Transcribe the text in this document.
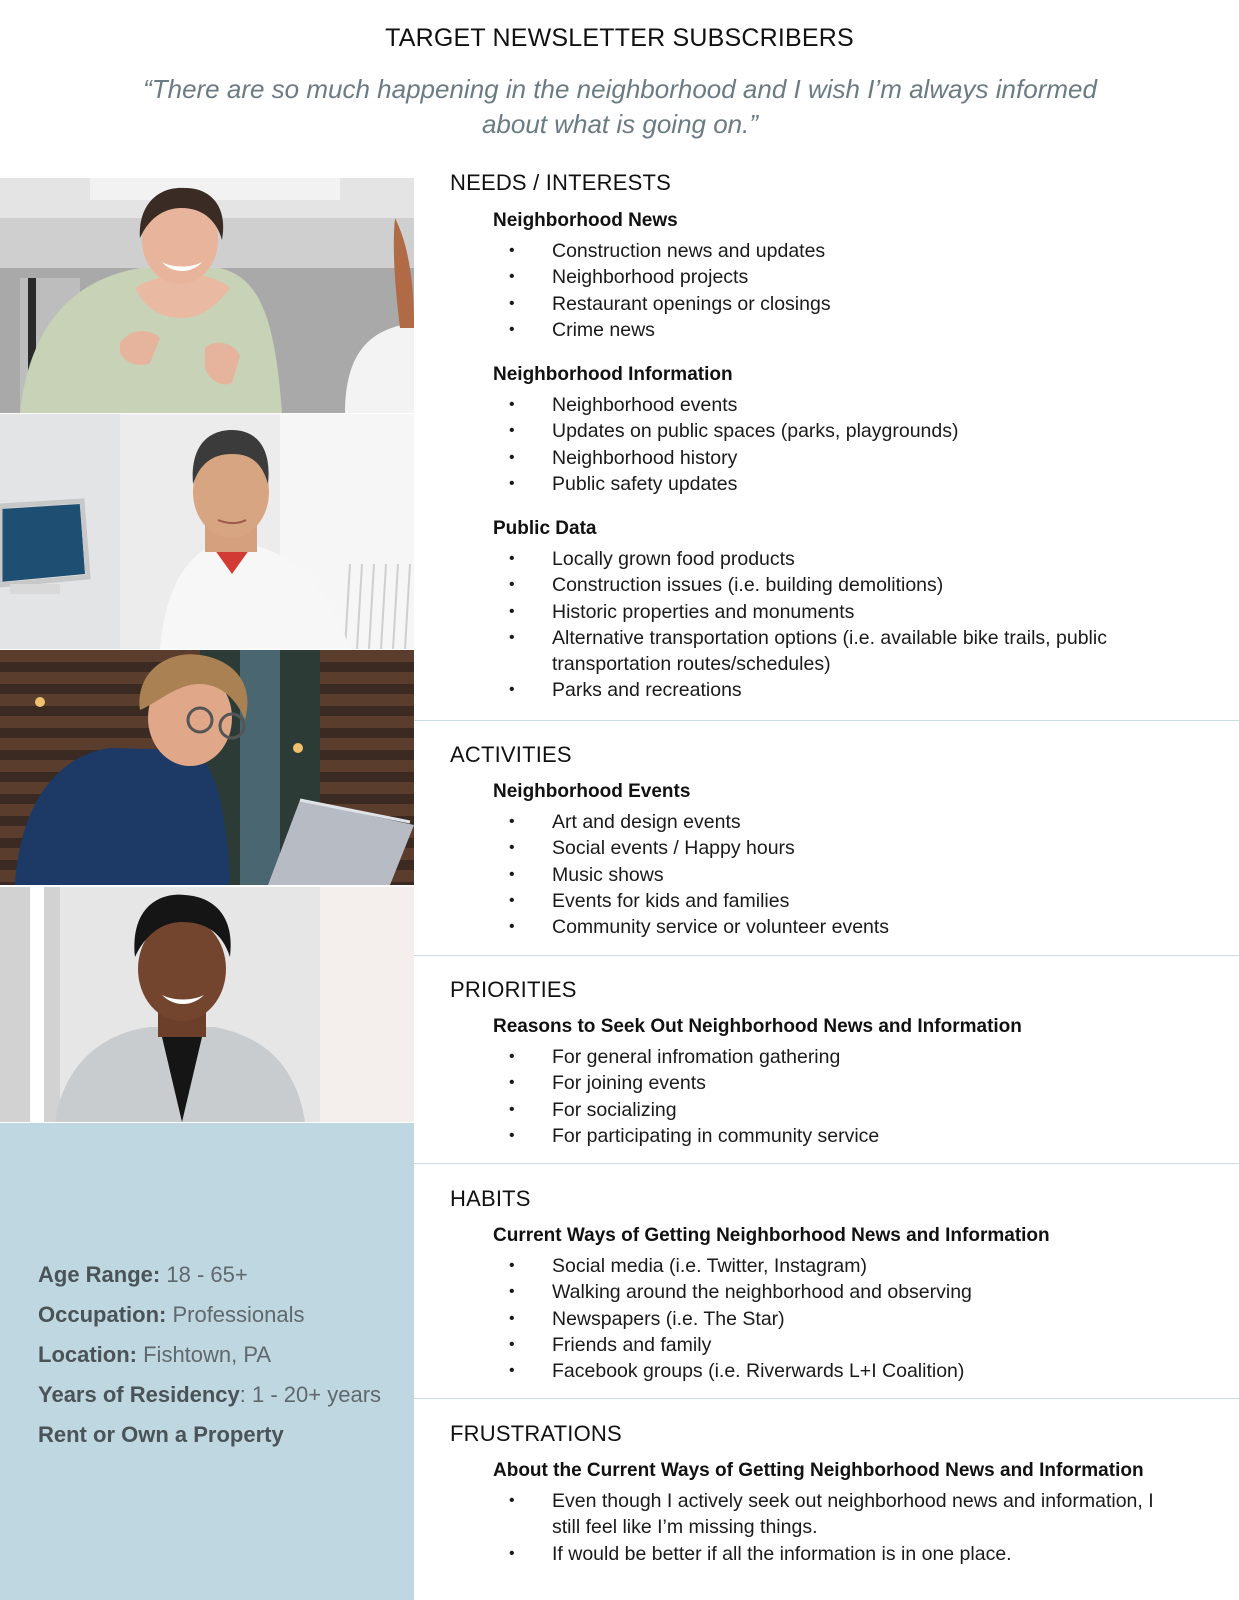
TARGET NEWSLETTER SUBSCRIBERS
“There are so much happening in the neighborhood and I wish I’m always informed about what is going on.”
Age Range: 18 - 65+
Occupation: Professionals
Location: Fishtown, PA
Years of Residency: 1 - 20+ years
Rent or Own a Property
NEEDS / INTERESTS
Neighborhood News
• Construction news and updates
• Neighborhood projects
• Restaurant openings or closings
• Crime news
Neighborhood Information
• Neighborhood events
• Updates on public spaces (parks, playgrounds)
• Neighborhood history
• Public safety updates
Public Data
• Locally grown food products
• Construction issues (i.e. building demolitions)
• Historic properties and monuments
• Alternative transportation options (i.e. available bike trails, public transportation routes/schedules)
• Parks and recreations
ACTIVITIES
Neighborhood Events
• Art and design events
• Social events / Happy hours
• Music shows
• Events for kids and families
• Community service or volunteer events
PRIORITIES
Reasons to Seek Out Neighborhood News and Information
• For general infromation gathering
• For joining events
• For socializing
• For participating in community service
HABITS
Current Ways of Getting Neighborhood News and Information
• Social media (i.e. Twitter, Instagram)
• Walking around the neighborhood and observing
• Newspapers (i.e. The Star)
• Friends and family
• Facebook groups (i.e. Riverwards L+I Coalition)
FRUSTRATIONS
About the Current Ways of Getting Neighborhood News and Information
• Even though I actively seek out neighborhood news and information, I still feel like I’m missing things.
• If would be better if all the information is in one place.
